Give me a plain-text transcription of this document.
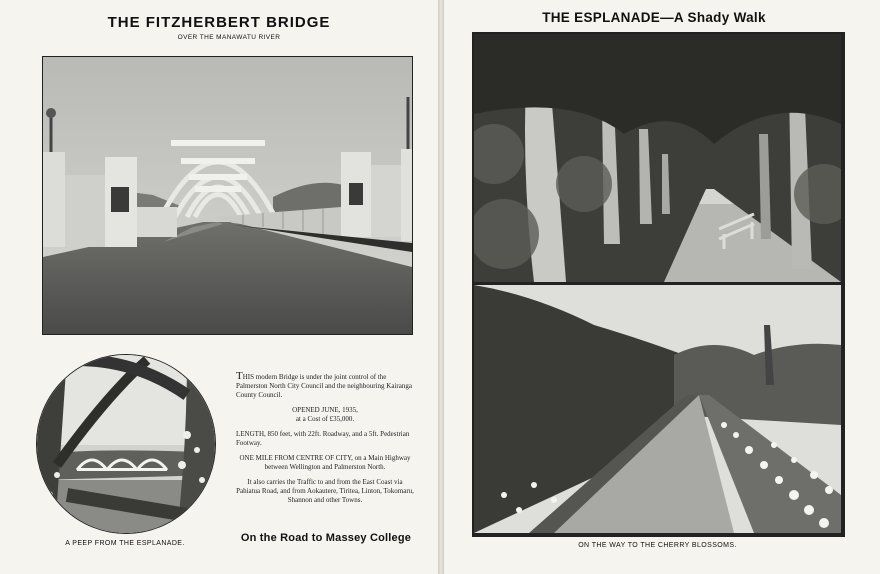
THE FITZHERBERT BRIDGE
OVER THE MANAWATU RIVER
A PEEP FROM THE ESPLANADE.

THIS modern Bridge is under the joint control of the Palmerston North City Council and the neighbouring Kairanga County Council.

OPENED JUNE, 1935,
at a Cost of £35,000.

LENGTH, 850 feet, with 22ft. Roadway, and a 5ft. Pedestrian Footway.

ONE MILE FROM CENTRE OF CITY, on a Main Highway between Wellington and Palmerston North.

It also carries the Traffic to and from the East Coast via Pahiatua Road, and from Aokautere, Tiritea, Linton, Tokomaru, Shannon and other Towns.

On the Road to Massey College
THE ESPLANADE—A Shady Walk
ON THE WAY TO THE CHERRY BLOSSOMS.
